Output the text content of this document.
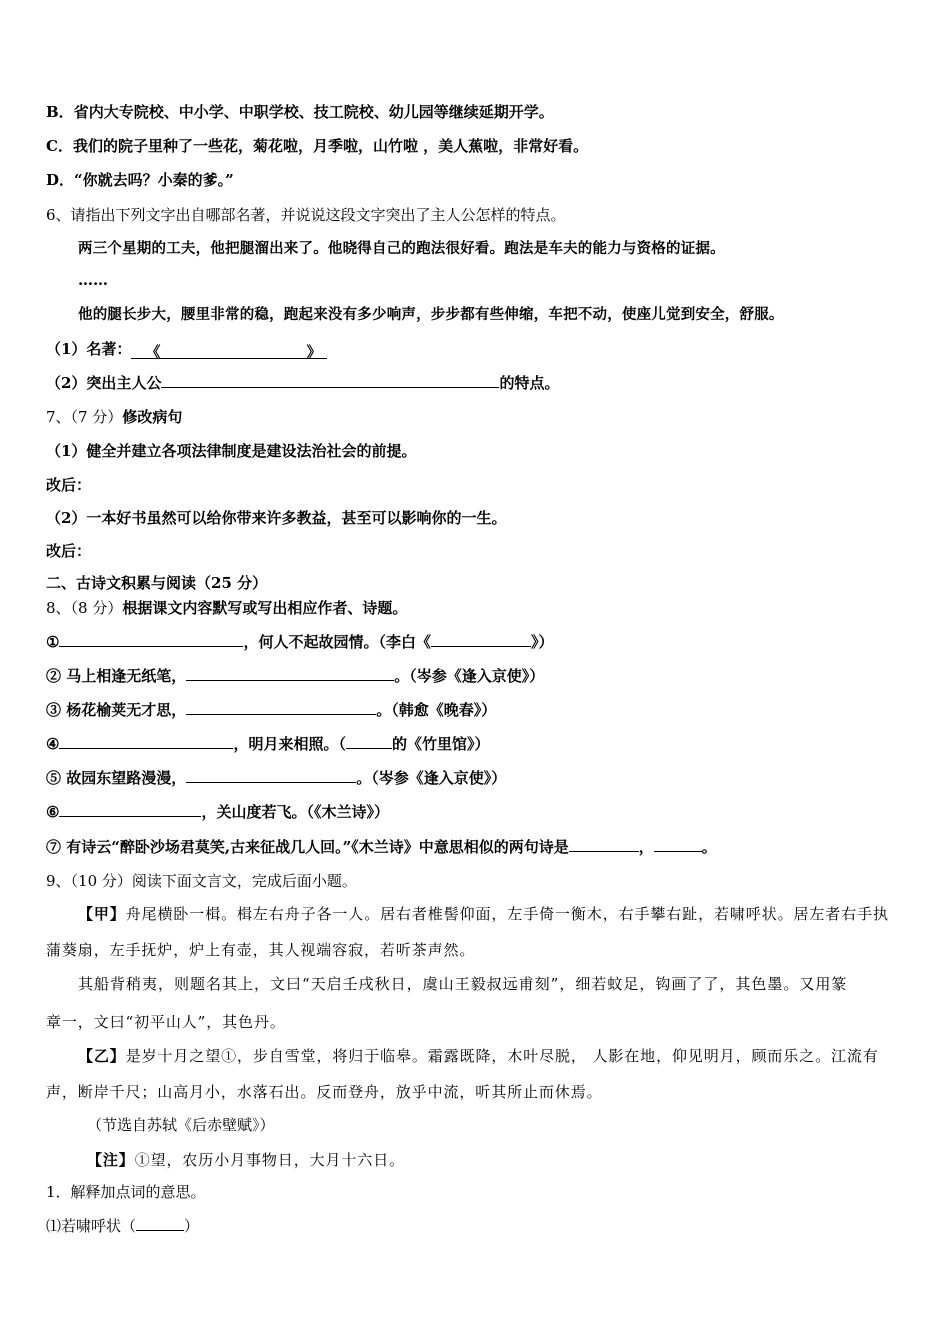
B．省内大专院校、中小学、中职学校、技工院校、幼儿园等继续延期开学。
C．我们的院子里种了一些花，菊花啦，月季啦，山竹啦 ，美人蕉啦，非常好看。
D．“你就去吗？小秦的爹。”
6、请指出下列文字出自哪部名著，并说说这段文字突出了主人公怎样的特点。
两三个星期的工夫，他把腿溜出来了。他晓得自己的跑法很好看。跑法是车夫的能力与资格的证据。
……
他的腿长步大，腰里非常的稳，跑起来没有多少响声，步步都有些伸缩，车把不动，使座儿觉到安全，舒服。
（1）名著： 《	》
（2）突出主人公	的特点。
7、（7 分）修改病句
（1）健全并建立各项法律制度是建设法治社会的前提。
改后：
（2）一本好书虽然可以给你带来许多教益，甚至可以影响你的一生。
改后：
二、古诗文积累与阅读（25 分）
8、（8 分）根据课文内容默写或写出相应作者、诗题。
①	，何人不起故园情。（李白《	》）
② 马上相逢无纸笔，	。（岑参《逢入京使》）
③ 杨花榆荚无才思，	。（韩愈《晚春》）
④	，明月来相照。（	的《竹里馆》）
⑤ 故园东望路漫漫，	。（岑参《逢入京使》）
⑥	，关山度若飞。（《木兰诗》）
⑦ 有诗云“醉卧沙场君莫笑,古来征战几人回。”《木兰诗》中意思相似的两句诗是	，	。
9、（10 分）阅读下面文言文，完成后面小题。
【甲】舟尾横卧一楫。楫左右舟子各一人。居右者椎髻仰面，左手倚一衡木，右手攀右趾，若啸呼状。居左者右手执
蒲葵扇，左手抚炉，炉上有壶，其人视端容寂，若听茶声然。
其船背稍夷，则题名其上，文曰“天启壬戌秋日，虞山王毅叔远甫刻”，细若蚊足，钩画了了，其色墨。又用篆
章一，文曰“初平山人”，其色丹。
【乙】是岁十月之望①，步自雪堂，将归于临皋。霜露既降，木叶尽脱， 人影在地，仰见明月，顾而乐之。江流有
声，断岸千尺；山高月小，水落石出。反而登舟，放乎中流，听其所止而休焉。
（节选自苏轼《后赤壁赋》）
【注】①望，农历小月事物日，大月十六日。
1．解释加点词的意思。
⑴若啸呼状（	）
